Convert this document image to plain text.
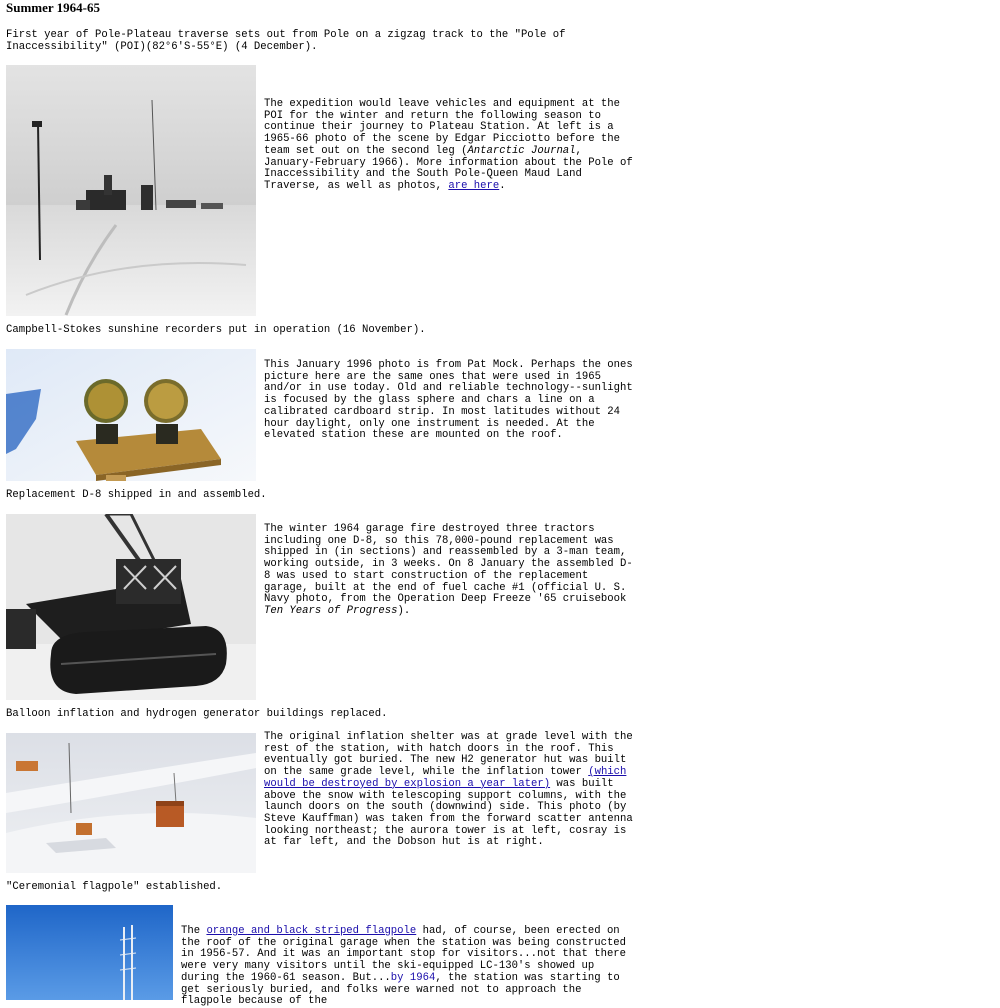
Summer 1964-65
First year of Pole-Plateau traverse sets out from Pole on a zigzag track to the "Pole of Inaccessibility" (POI)(82°6'S-55°E) (4 December).
The expedition would leave vehicles and equipment at the POI for the winter and return the following season to continue their journey to Plateau Station. At left is a 1965-66 photo of the scene by Edgar Picciotto before the team set out on the second leg (Antarctic Journal, January-February 1966). More information about the Pole of Inaccessibility and the South Pole-Queen Maud Land Traverse, as well as photos, are here.
Campbell-Stokes sunshine recorders put in operation (16 November).
This January 1996 photo is from Pat Mock. Perhaps the ones picture here are the same ones that were used in 1965 and/or in use today. Old and reliable technology--sunlight is focused by the glass sphere and chars a line on a calibrated cardboard strip. In most latitudes without 24 hour daylight, only one instrument is needed. At the elevated station these are mounted on the roof.
Replacement D-8 shipped in and assembled.
The winter 1964 garage fire destroyed three tractors including one D-8, so this 78,000-pound replacement was shipped in (in sections) and reassembled by a 3-man team, working outside, in 3 weeks. On 8 January the assembled D-8 was used to start construction of the replacement garage, built at the end of fuel cache #1 (official U. S. Navy photo, from the Operation Deep Freeze '65 cruisebook Ten Years of Progress).
Balloon inflation and hydrogen generator buildings replaced.
The original inflation shelter was at grade level with the rest of the station, with hatch doors in the roof. This eventually got buried. The new H2 generator hut was built on the same grade level, while the inflation tower (which would be destroyed by explosion a year later) was built above the snow with telescoping support columns, with the launch doors on the south (downwind) side. This photo (by Steve Kauffman) was taken from the forward scatter antenna looking northeast; the aurora tower is at left, cosray is at far left, and the Dobson hut is at right.
"Ceremonial flagpole" established.
The orange and black striped flagpole had, of course, been erected on the roof of the original garage when the station was being constructed in 1956-57. And it was an important stop for visitors...not that there were very many visitors until the ski-equipped LC-130's showed up during the 1960-61 season. But...by 1964, the station was starting to get seriously buried, and folks were warned not to approach the flagpole because of the
